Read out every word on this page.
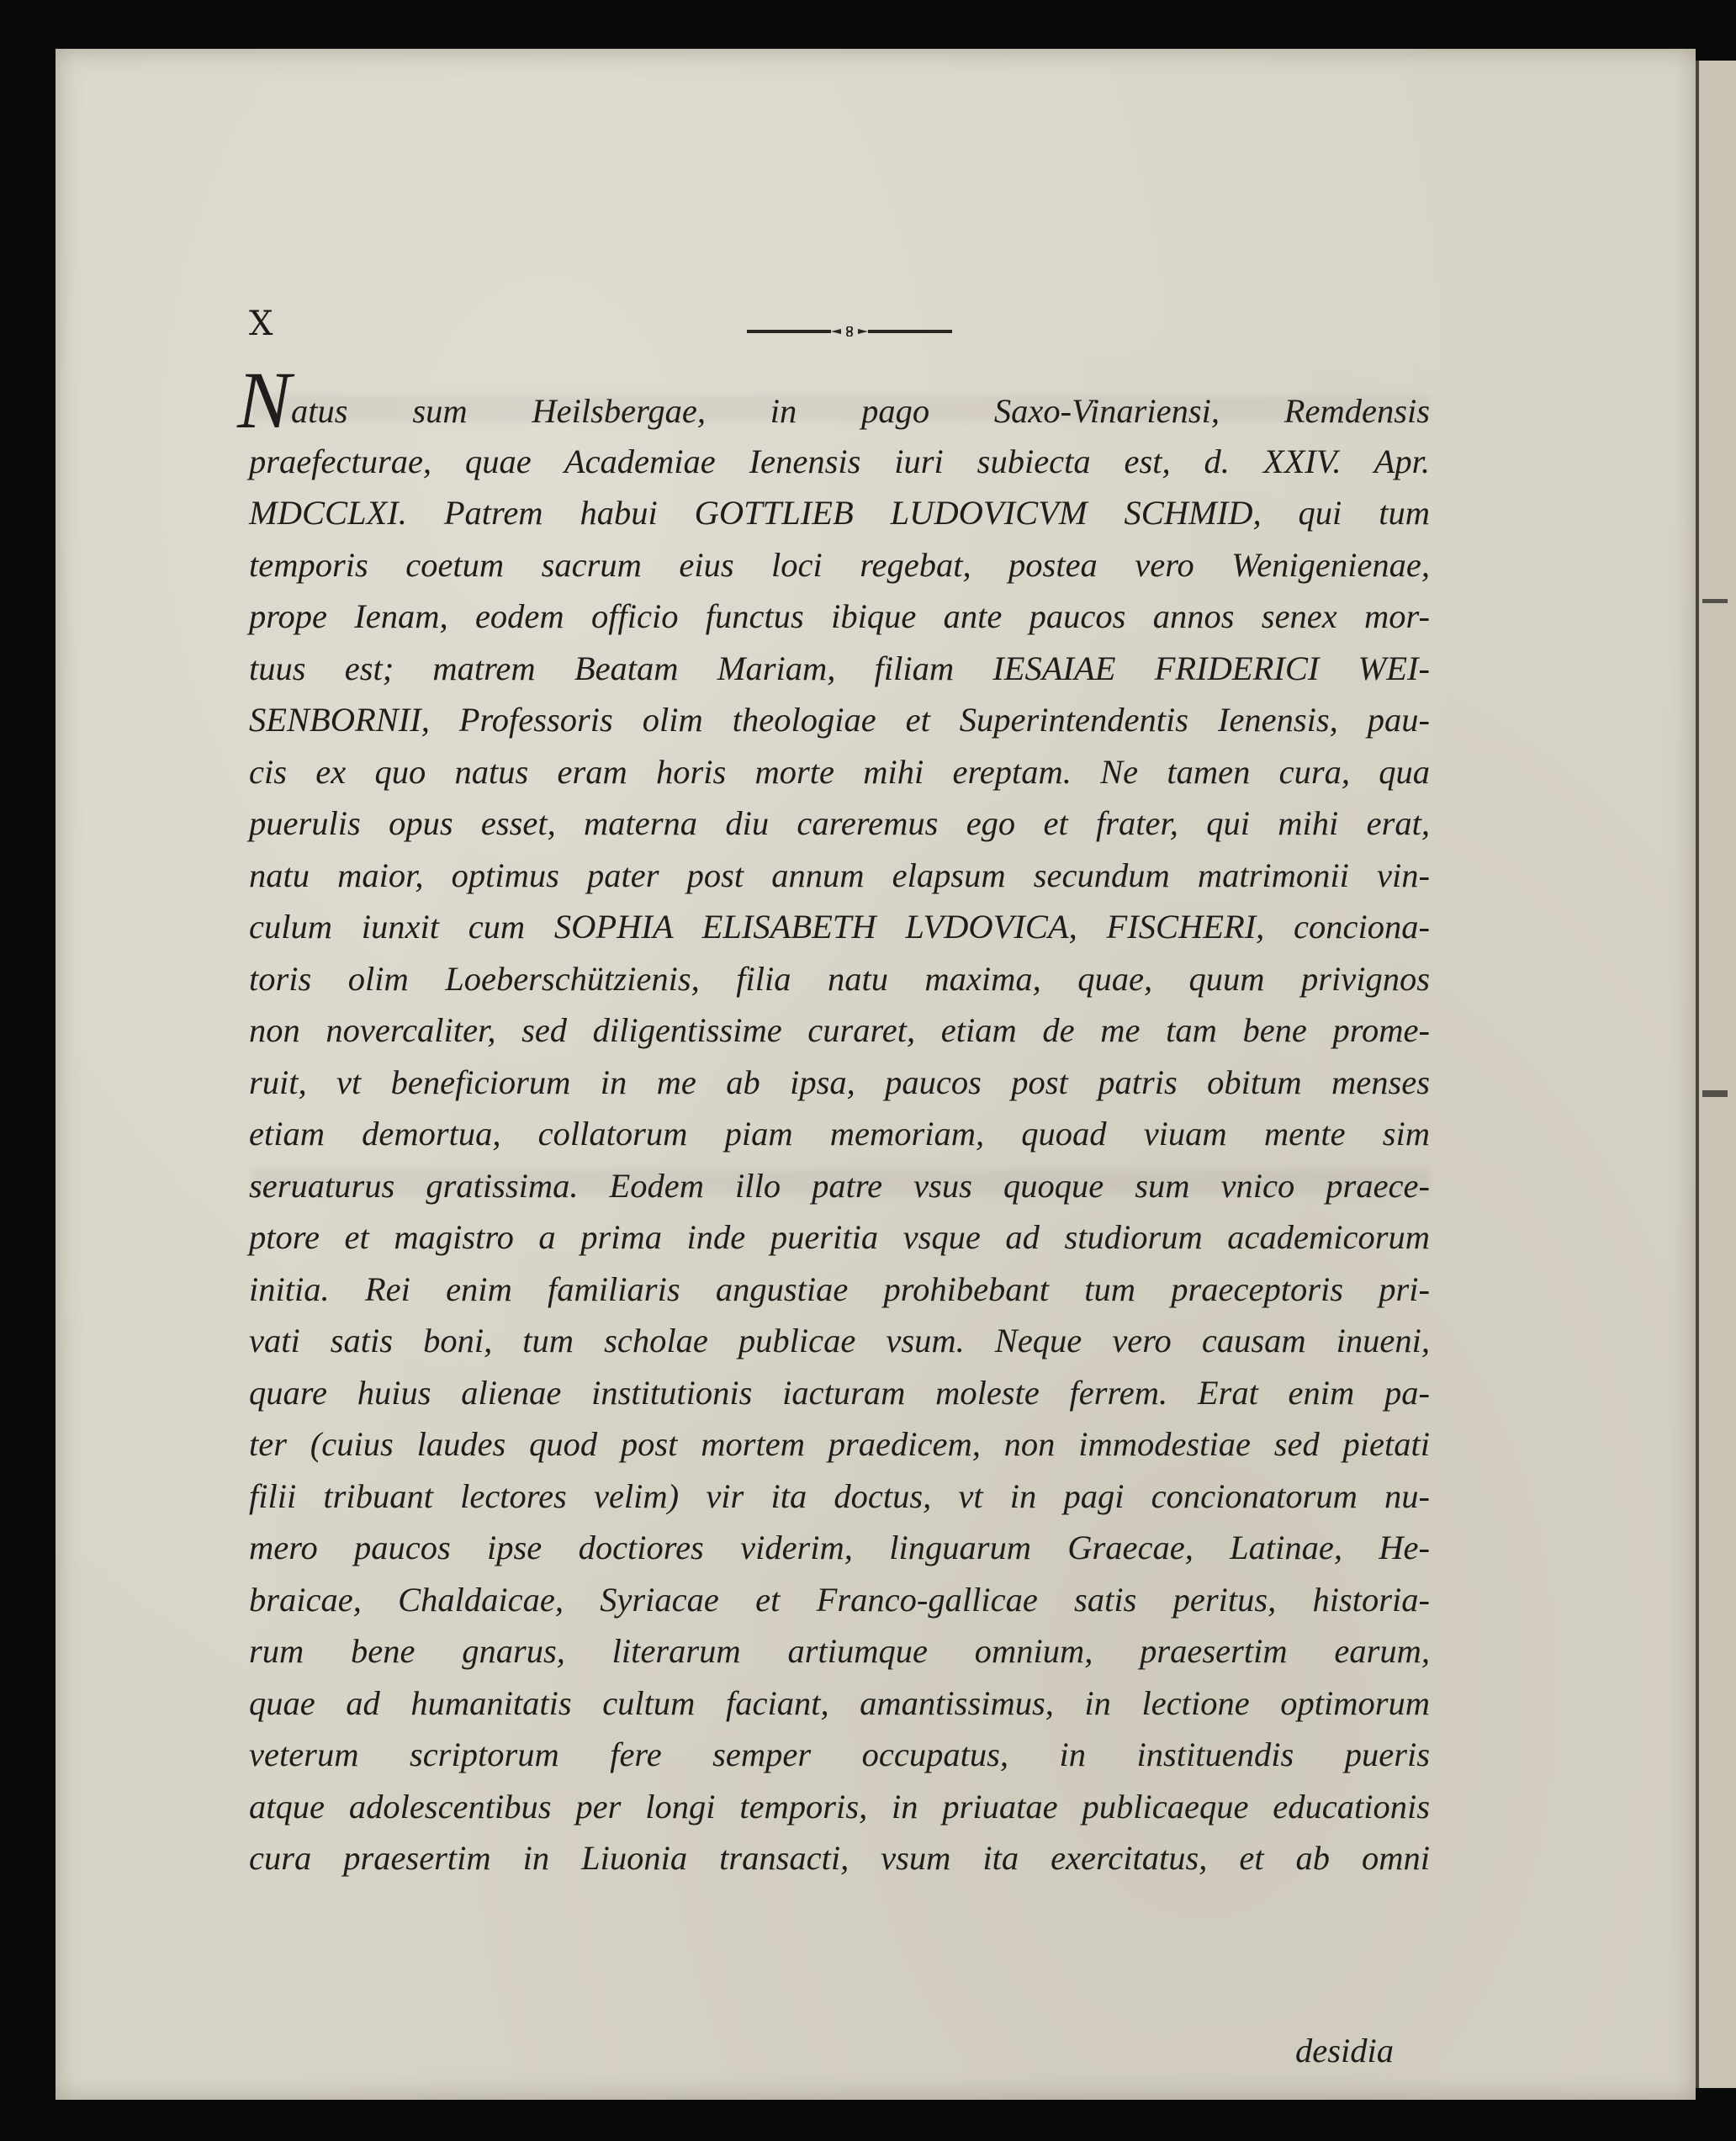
X
Natus sum Heilsbergae, in pago Saxo-Vinariensi, Remdensis
praefecturae, quae Academiae Ienensis iuri subiecta est, d. XXIV. Apr.
MDCCLXI. Patrem habui GOTTLIEB LUDOVICVM SCHMID, qui tum
temporis coetum sacrum eius loci regebat, postea vero Wenigenienae,
prope Ienam, eodem officio functus ibique ante paucos annos senex mor-
tuus est; matrem Beatam Mariam, filiam IESAIAE FRIDERICI WEI-
SENBORNII, Professoris olim theologiae et Superintendentis Ienensis, pau-
cis ex quo natus eram horis morte mihi ereptam. Ne tamen cura, qua
puerulis opus esset, materna diu careremus ego et frater, qui mihi erat,
natu maior, optimus pater post annum elapsum secundum matrimonii vin-
culum iunxit cum SOPHIA ELISABETH LVDOVICA, FISCHERI, conciona-
toris olim Loeberschützienis, filia natu maxima, quae, quum privignos
non novercaliter, sed diligentissime curaret, etiam de me tam bene prome-
ruit, vt beneficiorum in me ab ipsa, paucos post patris obitum menses
etiam demortua, collatorum piam memoriam, quoad viuam mente sim
seruaturus gratissima. Eodem illo patre vsus quoque sum vnico praece-
ptore et magistro a prima inde pueritia vsque ad studiorum academicorum
initia. Rei enim familiaris angustiae prohibebant tum praeceptoris pri-
vati satis boni, tum scholae publicae vsum. Neque vero causam inueni,
quare huius alienae institutionis iacturam moleste ferrem. Erat enim pa-
ter (cuius laudes quod post mortem praedicem, non immodestiae sed pietati
filii tribuant lectores velim) vir ita doctus, vt in pagi concionatorum nu-
mero paucos ipse doctiores viderim, linguarum Graecae, Latinae, He-
braicae, Chaldaicae, Syriacae et Franco-gallicae satis peritus, historia-
rum bene gnarus, literarum artiumque omnium, praesertim earum,
quae ad humanitatis cultum faciant, amantissimus, in lectione optimorum
veterum scriptorum fere semper occupatus, in instituendis pueris
atque adolescentibus per longi temporis, in priuatae publicaeque educationis
cura praesertim in Liuonia transacti, vsum ita exercitatus, et ab omni
desidia
